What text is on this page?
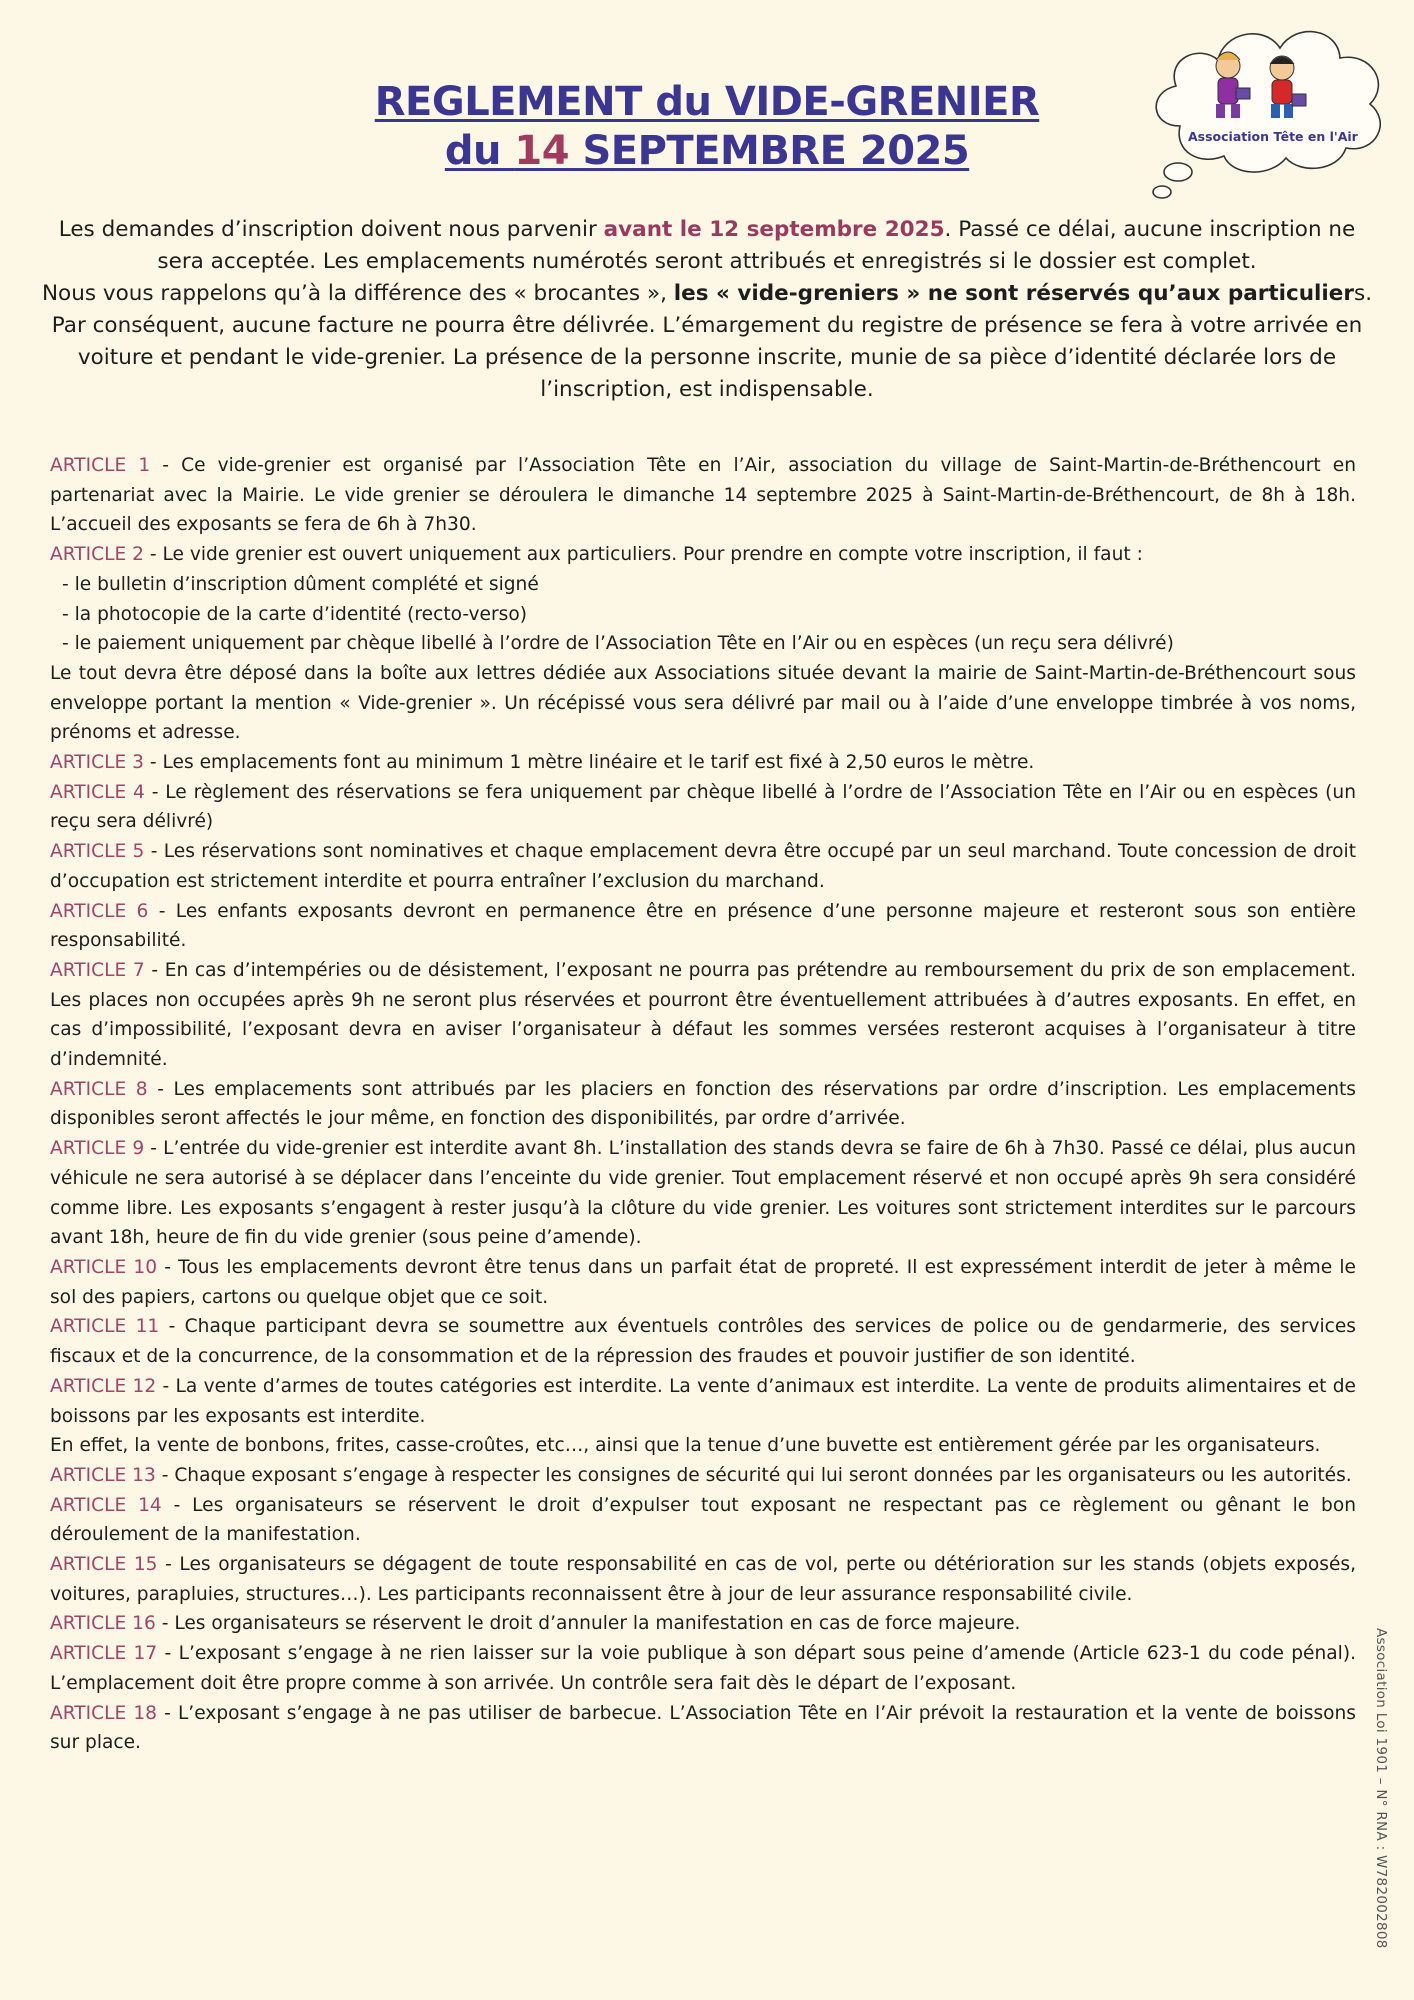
REGLEMENT du VIDE-GRENIER
du 14 SEPTEMBRE 2025	Association Tête en l'Air
Les demandes d’inscription doivent nous parvenir avant le 12 septembre 2025. Passé ce délai, aucune inscription ne sera acceptée. Les emplacements numérotés seront attribués et enregistrés si le dossier est complet.
Nous vous rappelons qu’à la différence des « brocantes », les « vide-greniers » ne sont réservés qu’aux particuliers. Par conséquent, aucune facture ne pourra être délivrée. L’émargement du registre de présence se fera à votre arrivée en voiture et pendant le vide-grenier. La présence de la personne inscrite, munie de sa pièce d’identité déclarée lors de l’inscription, est indispensable.

ARTICLE 1 - Ce vide-grenier est organisé par l’Association Tête en l’Air, association du village de Saint-Martin-de-Bréthencourt en partenariat avec la Mairie. Le vide grenier se déroulera le dimanche 14 septembre 2025 à Saint-Martin-de-Bréthencourt, de 8h à 18h. L’accueil des exposants se fera de 6h à 7h30.

ARTICLE 2 - Le vide grenier est ouvert uniquement aux particuliers. Pour prendre en compte votre inscription, il faut :

- le bulletin d’inscription dûment complété et signé

- la photocopie de la carte d’identité (recto-verso)

- le paiement uniquement par chèque libellé à l’ordre de l’Association Tête en l’Air ou en espèces (un reçu sera délivré)

Le tout devra être déposé dans la boîte aux lettres dédiée aux Associations située devant la mairie de Saint-Martin-de-Bréthencourt sous enveloppe portant la mention « Vide-grenier ». Un récépissé vous sera délivré par mail ou à l’aide d’une enveloppe timbrée à vos noms, prénoms et adresse.

ARTICLE 3 - Les emplacements font au minimum 1 mètre linéaire et le tarif est fixé à 2,50 euros le mètre.

ARTICLE 4 - Le règlement des réservations se fera uniquement par chèque libellé à l’ordre de l’Association Tête en l’Air ou en espèces (un reçu sera délivré)

ARTICLE 5 - Les réservations sont nominatives et chaque emplacement devra être occupé par un seul marchand. Toute concession de droit d’occupation est strictement interdite et pourra entraîner l’exclusion du marchand.

ARTICLE 6 - Les enfants exposants devront en permanence être en présence d’une personne majeure et resteront sous son entière responsabilité.

ARTICLE 7 - En cas d’intempéries ou de désistement, l’exposant ne pourra pas prétendre au remboursement du prix de son emplacement. Les places non occupées après 9h ne seront plus réservées et pourront être éventuellement attribuées à d’autres exposants. En effet, en cas d’impossibilité, l’exposant devra en aviser l’organisateur à défaut les sommes versées resteront acquises à l’organisateur à titre d’indemnité.

ARTICLE 8 - Les emplacements sont attribués par les placiers en fonction des réservations par ordre d’inscription. Les emplacements disponibles seront affectés le jour même, en fonction des disponibilités, par ordre d’arrivée.

ARTICLE 9 - L’entrée du vide-grenier est interdite avant 8h. L’installation des stands devra se faire de 6h à 7h30. Passé ce délai, plus aucun véhicule ne sera autorisé à se déplacer dans l’enceinte du vide grenier. Tout emplacement réservé et non occupé après 9h sera considéré comme libre. Les exposants s’engagent à rester jusqu’à la clôture du vide grenier. Les voitures sont strictement interdites sur le parcours avant 18h, heure de fin du vide grenier (sous peine d’amende).

ARTICLE 10 - Tous les emplacements devront être tenus dans un parfait état de propreté. Il est expressément interdit de jeter à même le sol des papiers, cartons ou quelque objet que ce soit.

ARTICLE 11 - Chaque participant devra se soumettre aux éventuels contrôles des services de police ou de gendarmerie, des services fiscaux et de la concurrence, de la consommation et de la répression des fraudes et pouvoir justifier de son identité.

ARTICLE 12 - La vente d’armes de toutes catégories est interdite. La vente d’animaux est interdite. La vente de produits alimentaires et de boissons par les exposants est interdite.

En effet, la vente de bonbons, frites, casse-croûtes, etc…, ainsi que la tenue d’une buvette est entièrement gérée par les organisateurs.

ARTICLE 13 - Chaque exposant s’engage à respecter les consignes de sécurité qui lui seront données par les organisateurs ou les autorités.

ARTICLE 14 - Les organisateurs se réservent le droit d’expulser tout exposant ne respectant pas ce règlement ou gênant le bon déroulement de la manifestation.

ARTICLE 15 - Les organisateurs se dégagent de toute responsabilité en cas de vol, perte ou détérioration sur les stands (objets exposés, voitures, parapluies, structures…). Les participants reconnaissent être à jour de leur assurance responsabilité civile.

ARTICLE 16 - Les organisateurs se réservent le droit d’annuler la manifestation en cas de force majeure.

ARTICLE 17 - L’exposant s’engage à ne rien laisser sur la voie publique à son départ sous peine d’amende (Article 623-1 du code pénal). L’emplacement doit être propre comme à son arrivée. Un contrôle sera fait dès le départ de l’exposant.

ARTICLE 18 - L’exposant s’engage à ne pas utiliser de barbecue. L’Association Tête en l’Air prévoit la restauration et la vente de boissons sur place.	Association Loi 1901 – N° RNA : W782002808
